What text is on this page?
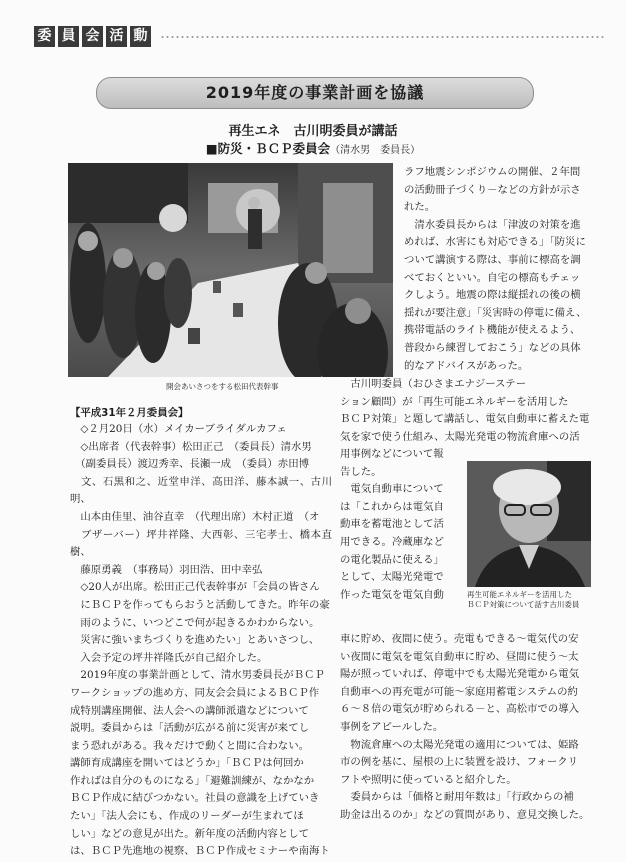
委 員 会 活 動
2019年度の事業計画を協議
再生エネ　古川明委員が講話
■防災・ＢＣＰ委員会（清水男　委員長）
開会あいさつをする松田代表幹事

ラフ地震シンポジウムの開催、２年間

の活動冊子づくり－などの方針が示さ

れた。

　清水委員長からは「津波の対策を進

めれば、水害にも対応できる」「防災に

ついて講演する際は、事前に標高を調

べておくといい。自宅の標高もチェッ

クしよう。地震の際は縦揺れの後の横

揺れが要注意」「災害時の停電に備え、

携帯電話のライト機能が使えるよう、

普段から練習しておこう」などの具体

的なアドバイスがあった。

　古川明委員（おひさまエナジーステー

ション顧問）が「再生可能エネルギーを活用した

ＢＣＰ対策」と題して講話し、電気自動車に蓄えた電

気を家で使う仕組み、太陽光発電の物流倉庫への活

用事例などについて報

告した。

　電気自動車について

は「これからは電気自

動車を蓄電池として活

用できる。冷蔵庫など

の電化製品に使える」

として、太陽光発電で

作った電気を電気自動	再生可能エネルギーを活用した
ＢＣＰ対策について話す古川委員

車に貯め、夜間に使う。売電もできる〜電気代の安

い夜間に電気を電気自動車に貯め、昼間に使う〜太

陽が照っていれば、停電中でも太陽光発電から電気

自動車への再充電が可能〜家庭用蓄電システムの約

６～８倍の電気が貯められる－と、高松市での導入

事例をアピールした。

　物流倉庫への太陽光発電の適用については、姫路

市の例を基に、屋根の上に装置を設け、フォークリ

フトや照明に使っていると紹介した。

　委員からは「価格と耐用年数は」「行政からの補

助金は出るのか」などの質問があり、意見交換した。

【平成31年２月委員会】

　◇２月20日（水）メイカーブライダルカフェ

　◇出席者（代表幹事）松田正己　（委員長）清水男

　（副委員長）渡辺秀幸、長瀬一成　（委員）赤田博

　文、石黒和之、近堂申洋、高田洋、藤本誠一、古川明、

　山本由佳里、油谷直幸　（代理出席）木村正道　（オ

　ブザーバー）坪井祥隆、大西彰、三宅孝士、橋本直樹、

　藤原勇義　（事務局）羽田浩、田中幸弘

　◇20人が出席。松田正己代表幹事が「会員の皆さん

　にＢＣＰを作ってもらおうと活動してきた。昨年の豪

　雨のように、いつどこで何が起きるかわからない。

　災害に強いまちづくりを進めたい」とあいさつし、

　入会予定の坪井祥隆氏が自己紹介した。

　2019年度の事業計画として、清水男委員長がＢＣＰ

ワークショップの進め方、同友会会員によるＢＣＰ作

成特別講座開催、法人会への講師派遣などについて

説明。委員からは「活動が広がる前に災害が来てし

まう恐れがある。我々だけで動くと間に合わない。

講師育成講座を開いてはどうか」「ＢＣＰは何回か

作ればは自分のものになる」「避難訓練が、なかなか

ＢＣＰ作成に結びつかない。社員の意識を上げていき

たい」「法人会にも、作成のリーダーが生まれてほ

しい」などの意見が出た。新年度の活動内容として

は、ＢＣＰ先進地の視察、ＢＣＰ作成セミナーや南海ト
